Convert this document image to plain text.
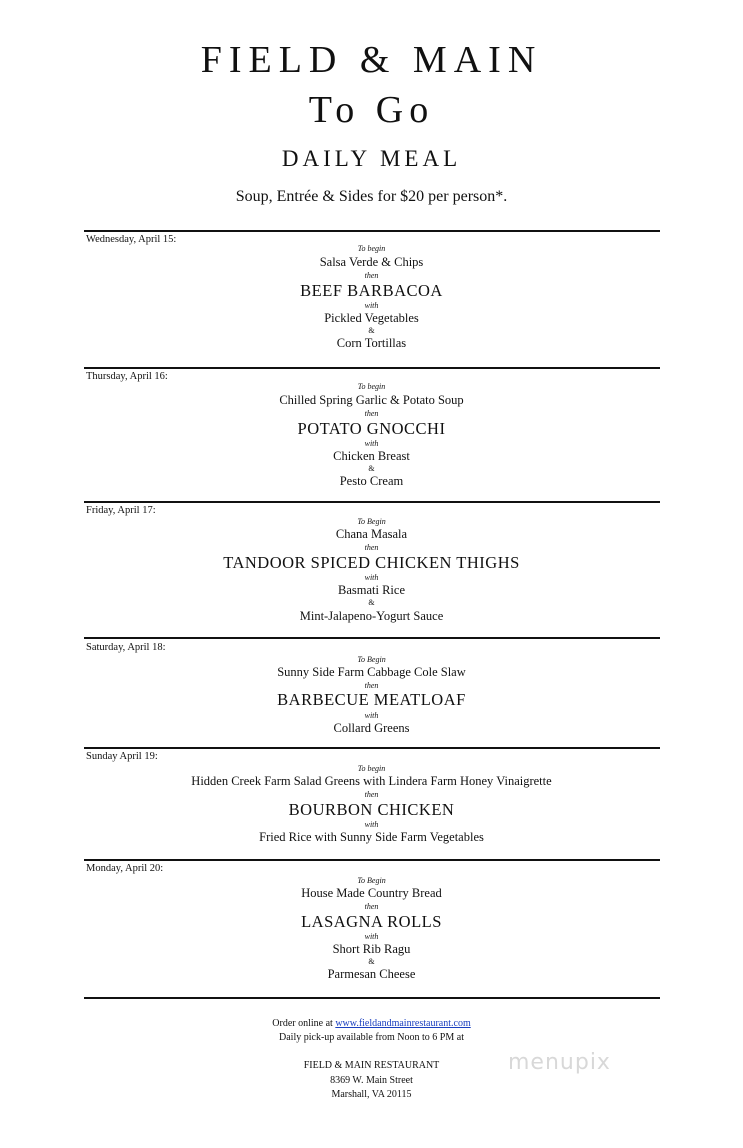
FIELD & MAIN
To Go
DAILY MEAL
Soup, Entrée & Sides for $20 per person*.
Wednesday, April 15:
To begin
Salsa Verde & Chips
then
BEEF BARBACOA
with
Pickled Vegetables
&
Corn Tortillas
Thursday, April 16:
To begin
Chilled Spring Garlic & Potato Soup
then
POTATO GNOCCHI
with
Chicken Breast
&
Pesto Cream
Friday, April 17:
To Begin
Chana Masala
then
TANDOOR SPICED CHICKEN THIGHS
with
Basmati Rice
&
Mint-Jalapeno-Yogurt Sauce
Saturday, April 18:
To Begin
Sunny Side Farm Cabbage Cole Slaw
then
BARBECUE MEATLOAF
with
Collard Greens
Sunday April 19:
To begin
Hidden Creek Farm Salad Greens with Lindera Farm Honey Vinaigrette
then
BOURBON CHICKEN
with
Fried Rice with Sunny Side Farm Vegetables
Monday, April 20:
To Begin
House Made Country Bread
then
LASAGNA ROLLS
with
Short Rib Ragu
&
Parmesan Cheese
Order online at www.fieldandmainrestaurant.com
Daily pick-up available from Noon to 6 PM at
FIELD & MAIN RESTAURANT
8369 W. Main Street
Marshall, VA 20115
menupix
